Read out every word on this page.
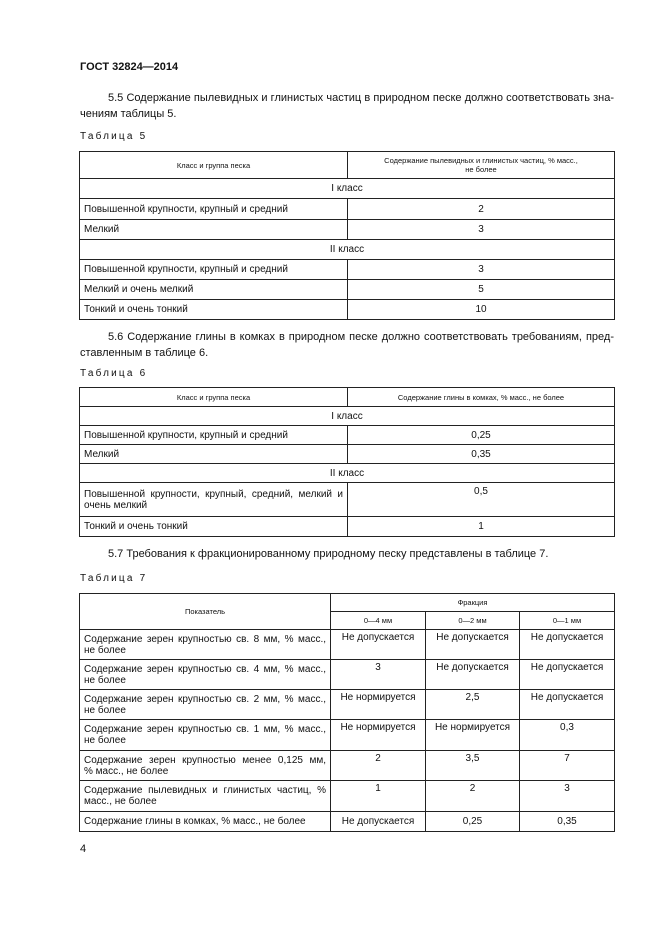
ГОСТ 32824—2014
5.5 Содержание пылевидных и глинистых частиц в природном песке должно соответствовать зна-
чениям таблицы 5.
Таблица 5
Класс и группа песка	Содержание пылевидных и глинистых частиц, % масс.,
не более

I класс	
Повышенной крупности, крупный и средний	2
Мелкий	3
II класс	
Повышенной крупности, крупный и средний	3
Мелкий и очень мелкий	5
Тонкий и очень тонкий	10
5.6 Содержание глины в комках в природном песке должно соответствовать требованиям, пред-
ставленным в таблице 6.
Таблица 6
Класс и группа песка	Содержание глины в комках, % масс., не более
I класс	
Повышенной крупности, крупный и средний	0,25
Мелкий	0,35
II класс	

Повышенной крупности, крупный, средний, мелкий и
очень мелкий	0,5
Тонкий и очень тонкий	1
5.7 Требования к фракционированному природному песку представлены в таблице 7.
Таблица 7
Показатель	Фракция		
	0—4 мм	0—2 мм	0—1 мм

Содержание зерен крупностью св. 8 мм, % масс.,
не более	Не допускается	Не допускается	Не допускается

Содержание зерен крупностью св. 4 мм, % масс.,
не более	3	Не допускается	Не допускается

Содержание зерен крупностью св. 2 мм, % масс.,
не более	Не нормируется	2,5	Не допускается

Содержание зерен крупностью св. 1 мм, % масс.,
не более	Не нормируется	Не нормируется	0,3

Содержание зерен крупностью менее 0,125 мм,
% масс., не более	2	3,5	7

Содержание пылевидных и глинистых частиц, %
масс., не более	1	2	3
Содержание глины в комках, % масс., не более	Не допускается	0,25	0,35
4
